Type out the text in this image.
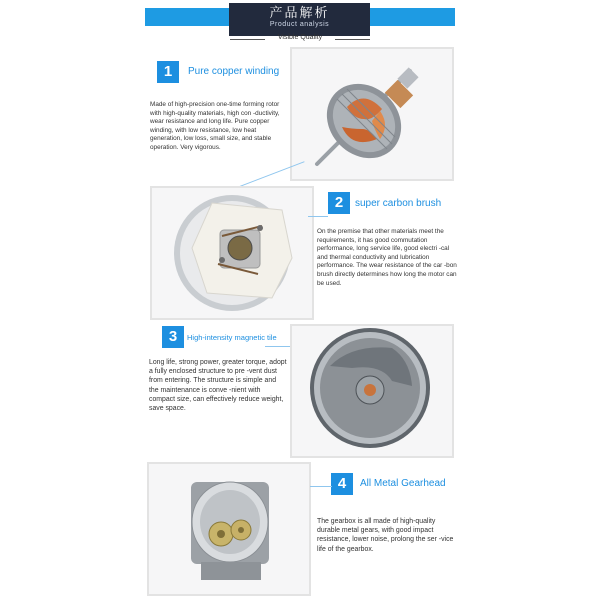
产品解析
Product analysis
Visible Quality
1	Pure copper winding
Made of high-precision one-time forming rotor with high-quality materials, high con -ductivity, wear resistance and long life. Pure copper winding, with low resistance, low heat generation, low loss, small size, and stable operation. Very vigorous.
2	super carbon brush
On the premise that other materials meet the requirements, it has good commutation performance, long service life, good electri -cal and thermal conductivity and lubrication performance. The wear resistance of the car -bon brush directly determines how long the motor can be used.
3	High-intensity magnetic tile
Long life, strong power, greater torque, adopt a fully enclosed structure to pre -vent dust from entering. The structure is simple and the maintenance is conve -nient with compact size, can effectively reduce weight, save space.
4	All Metal Gearhead
The gearbox is all made of high-quality durable metal gears, with good impact resistance, lower noise, prolong the ser -vice life of the gearbox.
